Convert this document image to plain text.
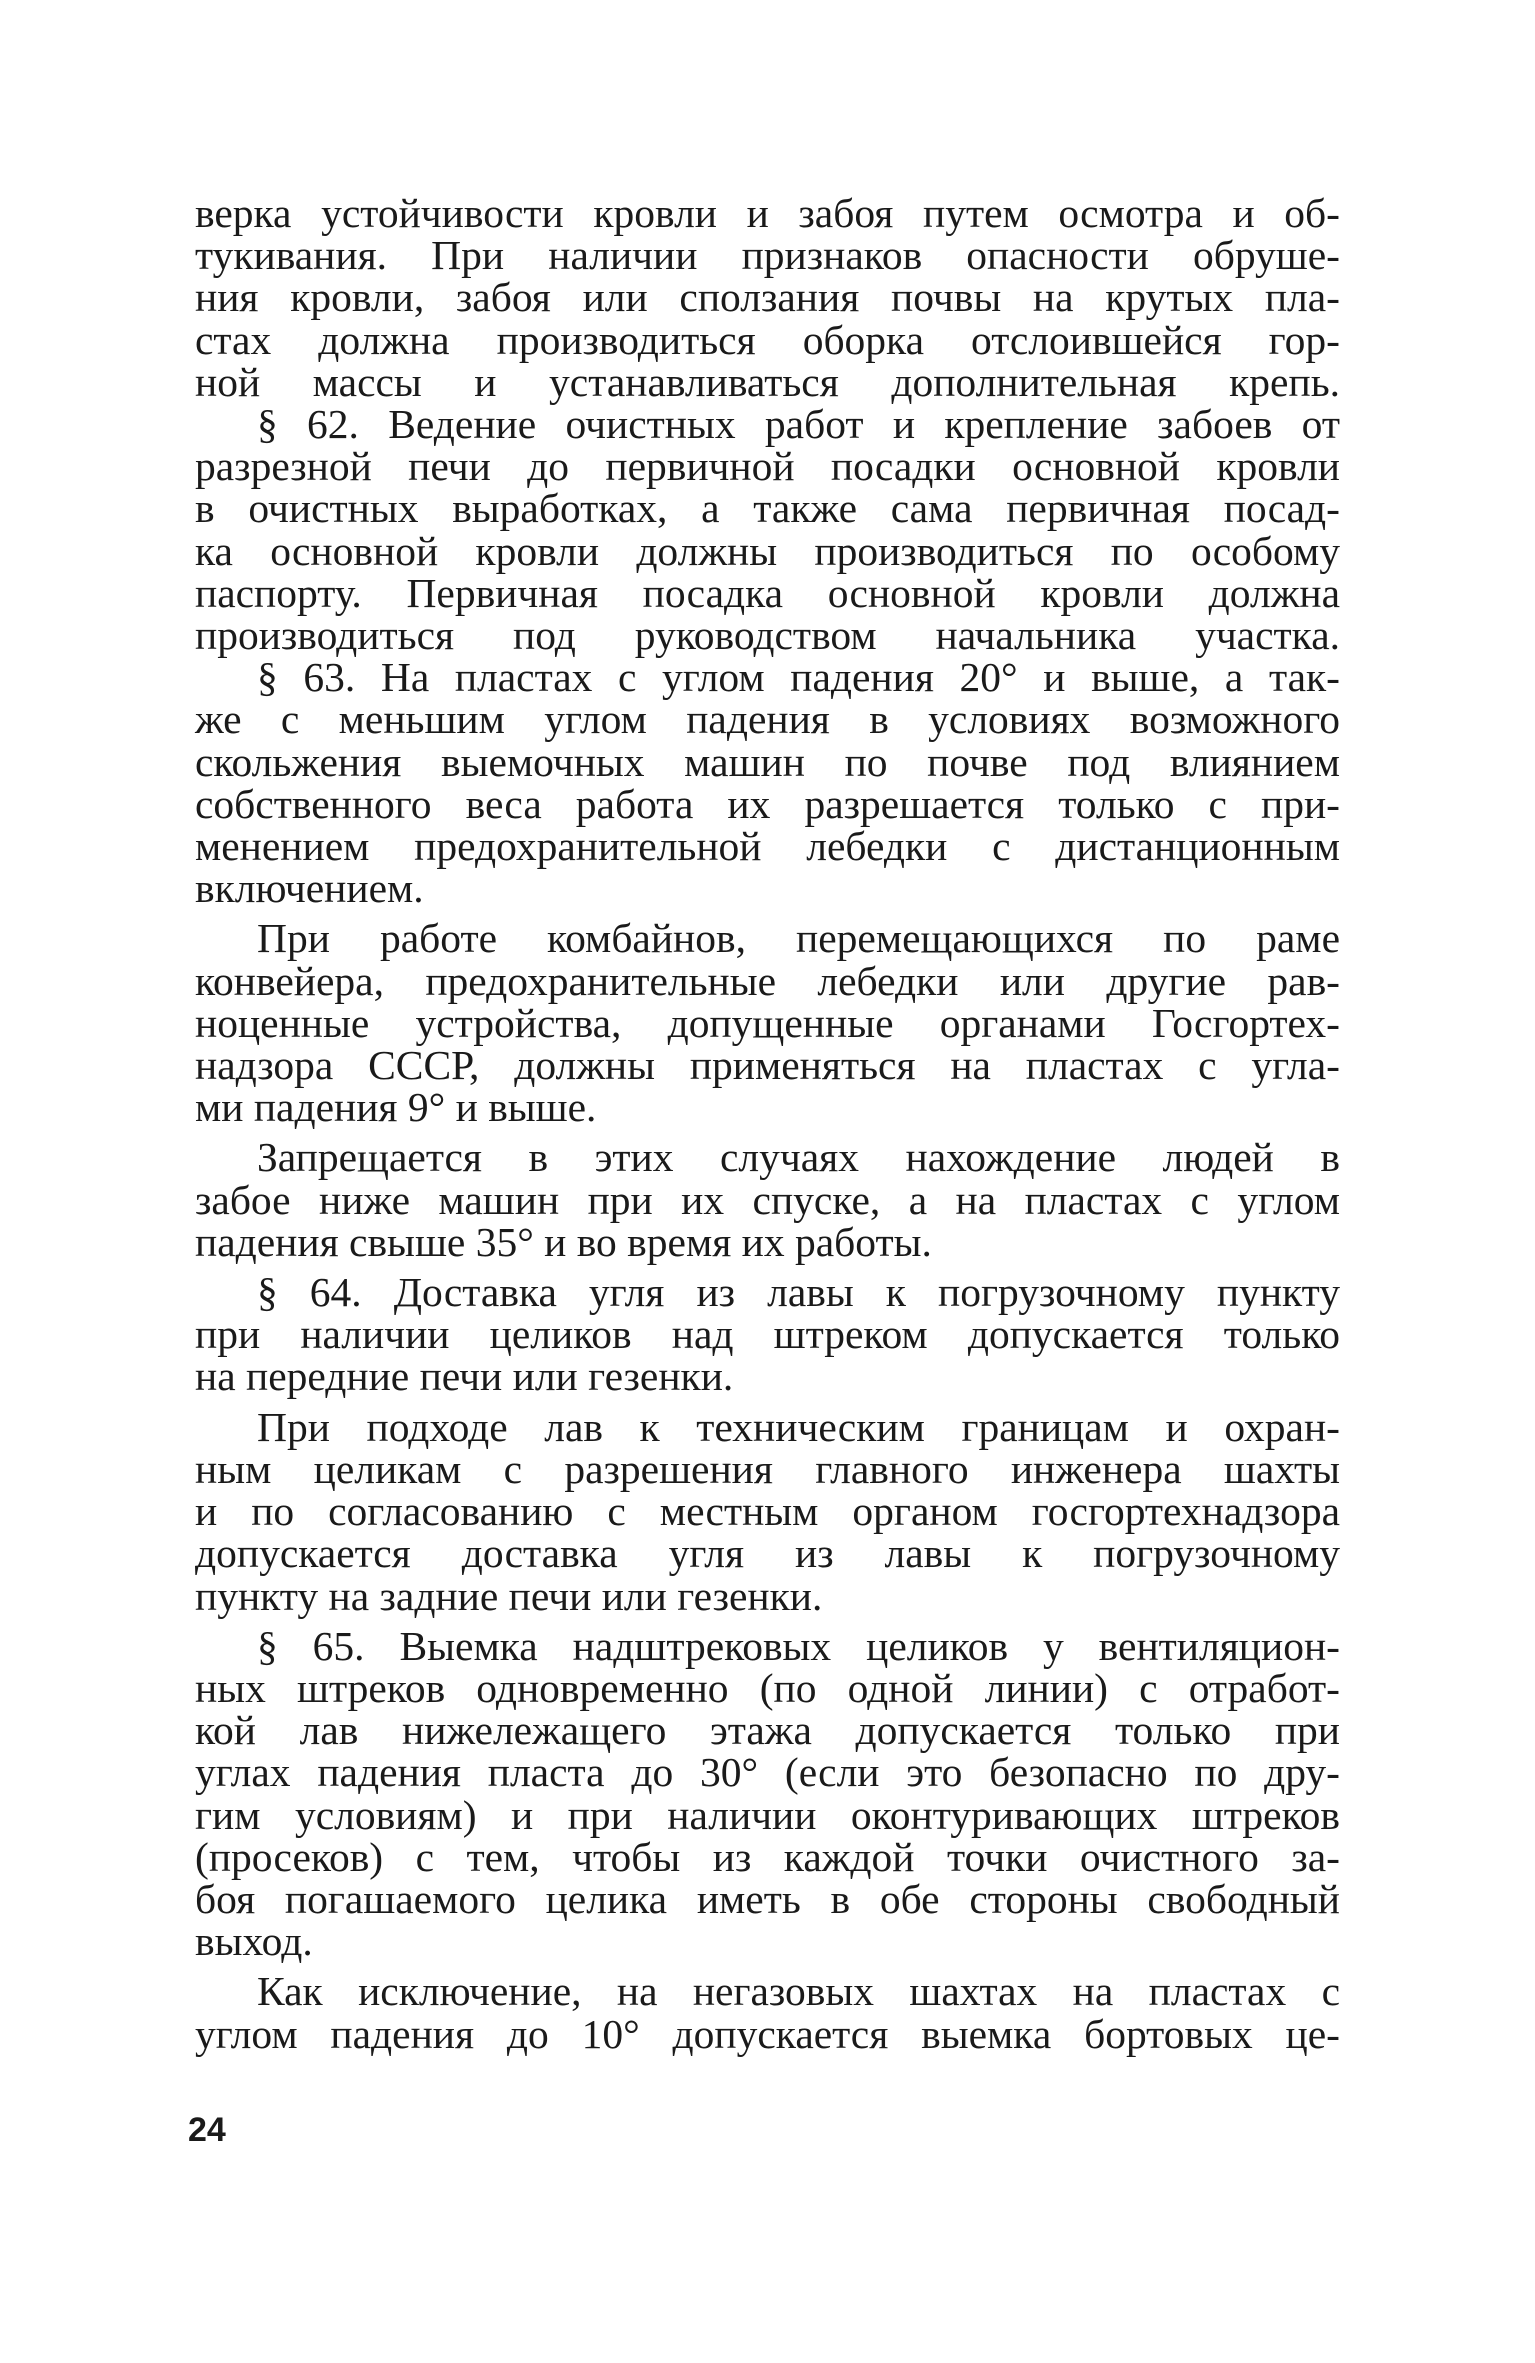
верка устойчивости кровли и забоя путем осмотра и об-
тукивания. При наличии признаков опасности обруше-
ния кровли, забоя или сползания почвы на крутых пла-
стах должна производиться оборка отслоившейся гор-
ной массы и устанавливаться дополнительная крепь.
§ 62. Ведение очистных работ и крепление забоев от
разрезной печи до первичной посадки основной кровли
в очистных выработках, а также сама первичная посад-
ка основной кровли должны производиться по особому
паспорту. Первичная посадка основной кровли должна
производиться под руководством начальника участка.
§ 63. На пластах с углом падения 20° и выше, а так-
же с меньшим углом падения в условиях возможного
скольжения выемочных машин по почве под влиянием
собственного веса работа их разрешается только с при-
менением предохранительной лебедки с дистанционным
включением.
При работе комбайнов, перемещающихся по раме
конвейера, предохранительные лебедки или другие рав-
ноценные устройства, допущенные органами Госгортех-
надзора СССР, должны применяться на пластах с угла-
ми падения 9° и выше.
Запрещается в этих случаях нахождение людей в
забое ниже машин при их спуске, а на пластах с углом
падения свыше 35° и во время их работы.
§ 64. Доставка угля из лавы к погрузочному пункту
при наличии целиков над штреком допускается только
на передние печи или гезенки.
При подходе лав к техническим границам и охран-
ным целикам с разрешения главного инженера шахты
и по согласованию с местным органом госгортехнадзора
допускается доставка угля из лавы к погрузочному
пункту на задние печи или гезенки.
§ 65. Выемка надштрековых целиков у вентиляцион-
ных штреков одновременно (по одной линии) с отработ-
кой лав нижележащего этажа допускается только при
углах падения пласта до 30° (если это безопасно по дру-
гим условиям) и при наличии оконтуривающих штреков
(просеков) с тем, чтобы из каждой точки очистного за-
боя погашаемого целика иметь в обе стороны свободный
выход.
Как исключение, на негазовых шахтах на пластах с
углом падения до 10° допускается выемка бортовых це-
24
